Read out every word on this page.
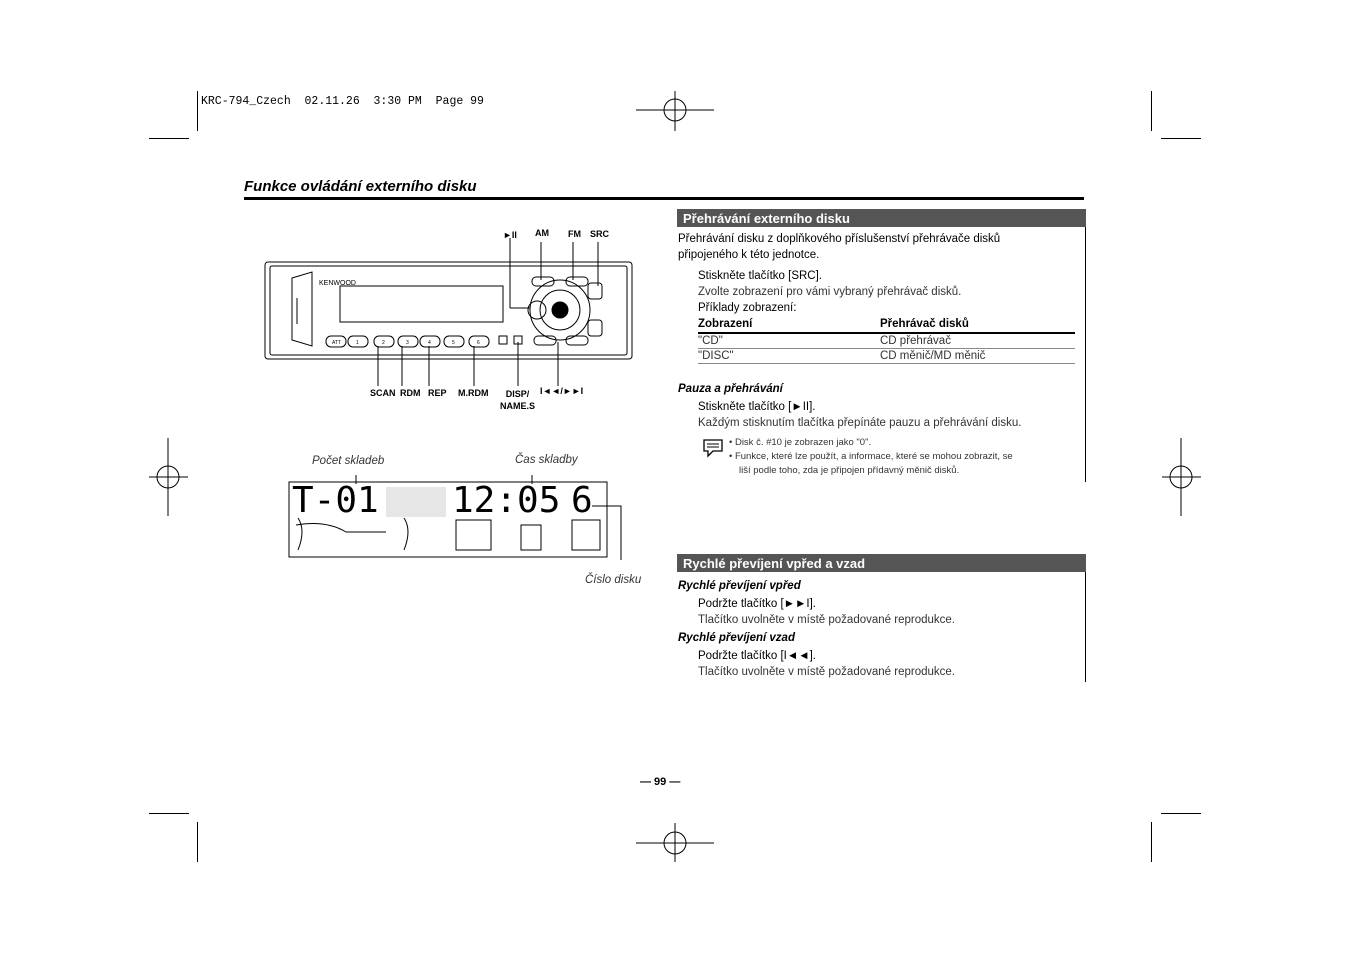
KRC-794_Czech  02.11.26  3:30 PM  Page 99
Funkce ovládání externího disku
KENWOOD
ATT	1	2	3	4	5	6
►II AM FM SRC
SCAN RDM REP M.RDM	DISP/
NAME.S
I◄◄/►►I
Počet skladeb	Čas skladby
Číslo disku
T-01 12:05 6
Přehrávání externího disku
Přehrávání disku z doplňkového příslušenství přehrávače disků připojeného k této jednotce.
Stiskněte tlačítko [SRC].
Zvolte zobrazení pro vámi vybraný přehrávač disků.
Příklady zobrazení:
Zobrazení	Přehrávač disků
"CD"	CD přehrávač
"DISC"	CD měnič/MD měnič
Pauza a přehrávání
Stiskněte tlačítko [►II].
Každým stisknutím tlačítka přepínáte pauzu a přehrávání disku.
• Disk č. #10 je zobrazen jako "0".
• Funkce, které lze použít, a informace, které se mohou zobrazit, se
liší podle toho, zda je připojen přídavný měnič disků.
Rychlé převíjení vpřed a vzad
Rychlé převíjení vpřed
Podržte tlačítko [►►I].
Tlačítko uvolněte v místě požadované reprodukce.
Rychlé převíjení vzad
Podržte tlačítko [I◄◄].
Tlačítko uvolněte v místě požadované reprodukce.
— 99 —
